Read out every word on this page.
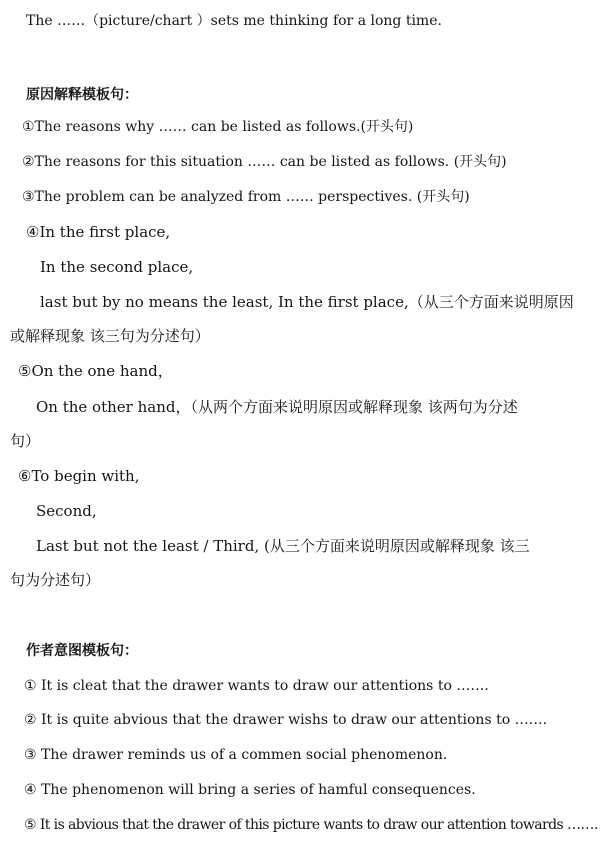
The ……（picture/chart ）sets me thinking for a long time.
原因解释模板句：
①The reasons why …… can be listed as follows.(开头句)
②The reasons for this situation …… can be listed as follows. (开头句)
③The problem can be analyzed from …… perspectives. (开头句)
④In the first place,
In the second place,
last but by no means the least, In the first place,（从三个方面来说明原因
或解释现象 该三句为分述句）
⑤On the one hand，
On the other hand，（从两个方面来说明原因或解释现象 该两句为分述
句）
⑥To begin with,
Second,
Last but not the least / Third, (从三个方面来说明原因或解释现象 该三
句为分述句）
作者意图模板句：
① It is cleat that the drawer wants to draw our attentions to …….
② It is quite abvious that the drawer wishs to draw our attentions to …….
③ The drawer reminds us of a commen social phenomenon.
④ The phenomenon will bring a series of hamful consequences.
⑤ It is abvious that the drawer of this picture wants to draw our attention towards …….
